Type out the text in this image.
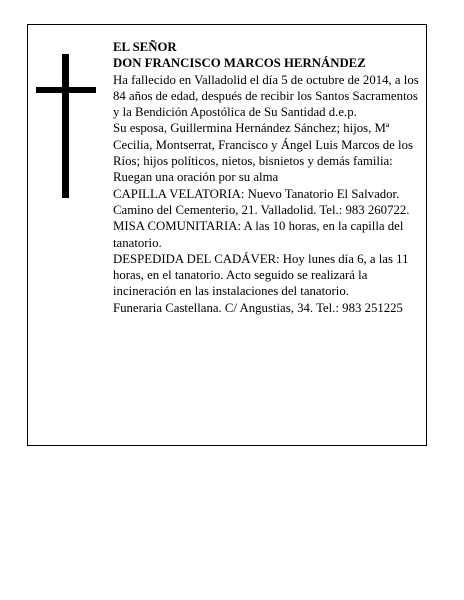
EL SEÑOR

DON FRANCISCO MARCOS HERNÁNDEZ

Ha fallecido en Valladolid el día 5 de octubre de 2014, a los 84 años de edad, después de recibir los Santos Sacramentos y la Bendición Apostólica de Su Santidad d.e.p.

Su esposa, Guillermina Hernández Sánchez; hijos, Mª Cecilia, Montserrat, Francisco y Ángel Luis Marcos de los Ríos; hijos políticos, nietos, bisnietos y demás familia:

Ruegan una oración por su alma

CAPILLA VELATORIA: Nuevo Tanatorio El Salvador. Camino del Cementerio, 21. Valladolid. Tel.: 983 260722.

MISA COMUNITARIA: A las 10 horas, en la capilla del tanatorio.

DESPEDIDA DEL CADÁVER: Hoy lunes día 6, a las 11 horas, en el tanatorio. Acto seguido se realizará la incineración en las instalaciones del tanatorio.

Funeraria Castellana. C/ Angustias, 34. Tel.: 983 251225
